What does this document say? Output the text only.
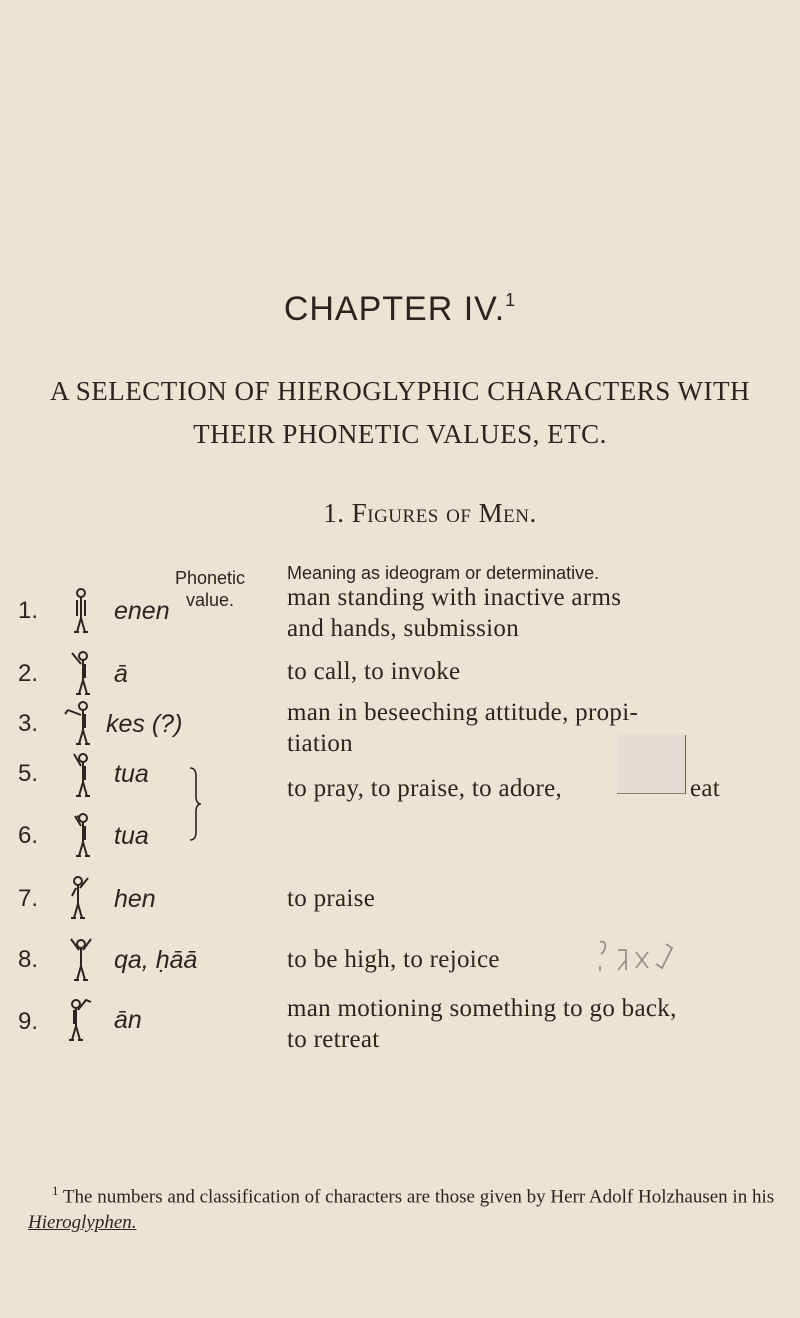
CHAPTER IV.$^1$
A SELECTION OF HIEROGLYPHIC CHARACTERS WITH
THEIR PHONETIC VALUES, ETC.
1. Figures of Men.
Phonetic
value.
Meaning as ideogram or determinative.
1.	enen	man standing with inactive arms
and hands, submission
2.	ā	to call, to invoke
3.	kes (?)	man in beseeching attitude, propi-
tiation
5.	tua
6.	tua
to pray, to praise, to adore,	eat
7.	hen	to praise
8.	qa, ḥāā	to be high, to rejoice
9.	ān	man motioning something to go back,
to retreat
$^1$ The numbers and classification of characters are those given by Herr Adolf Holzhausen in his Hieroglyphen.
